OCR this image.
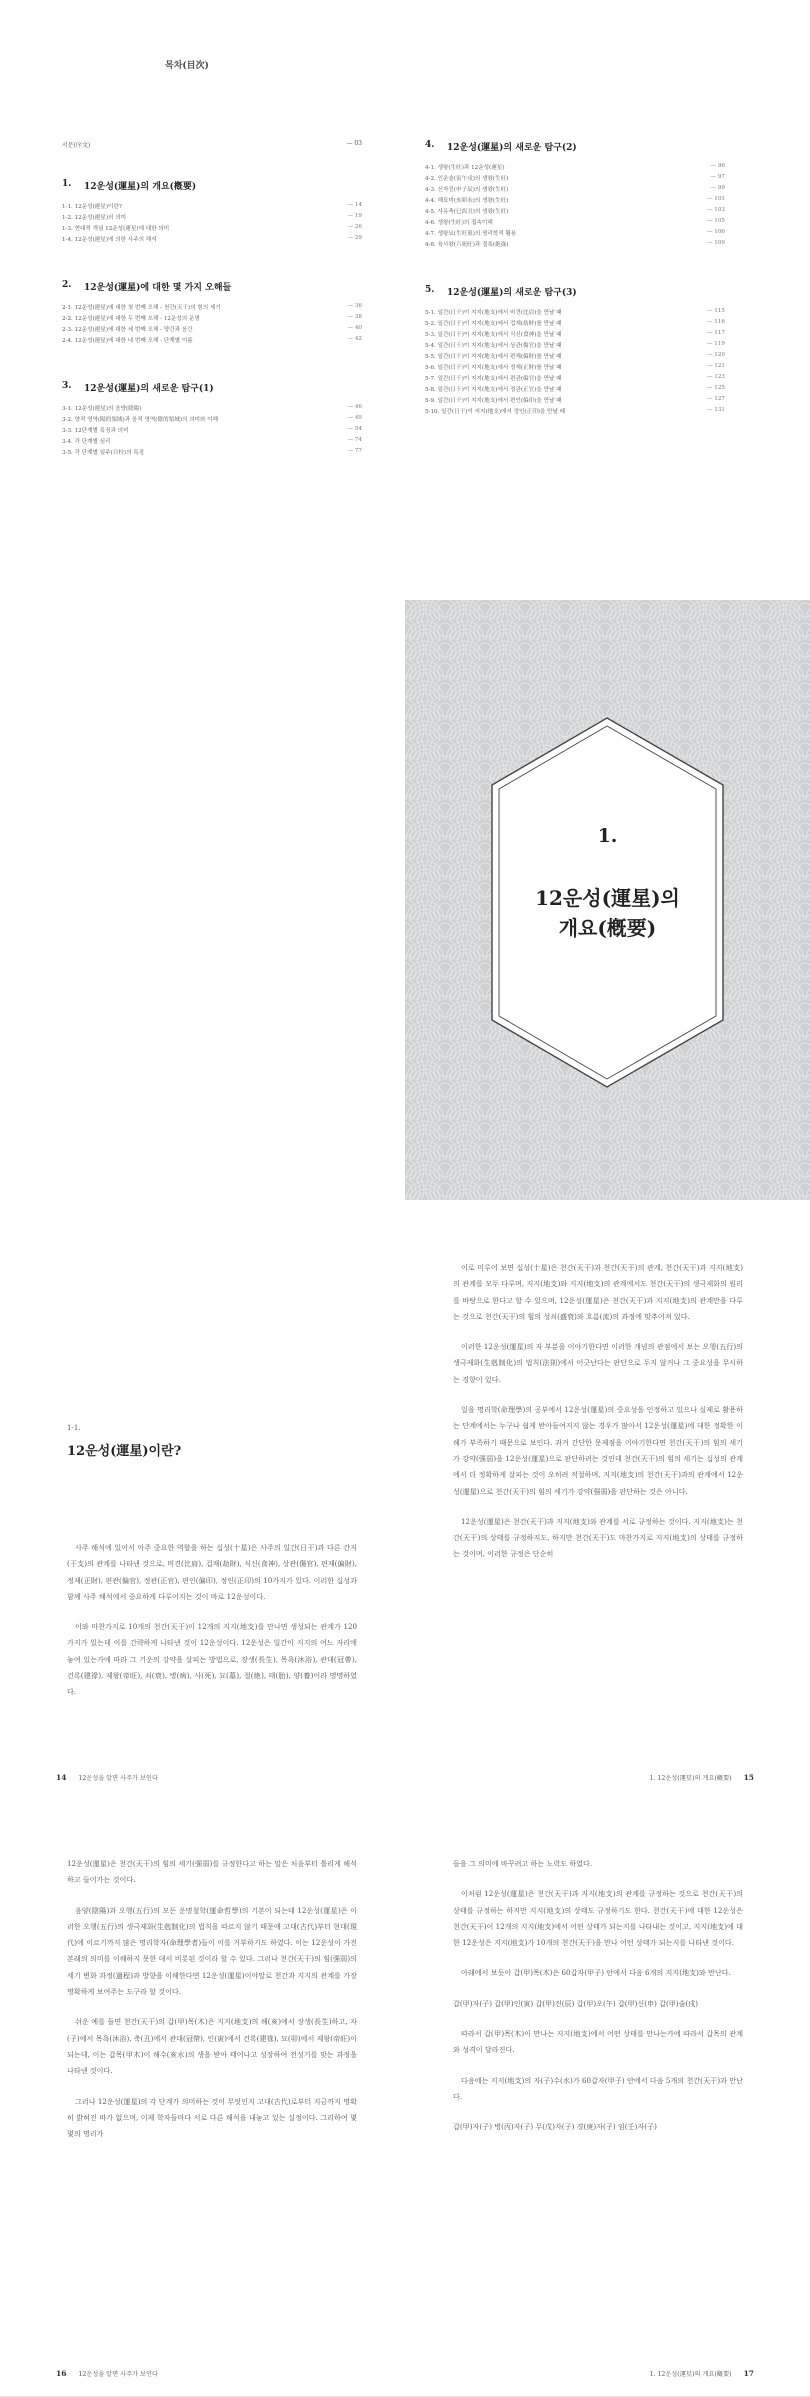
목차(目次)
서문(序文)	— 03
1. 12운성(運星)의 개요(槪要)
1-1. 12운성(運星)이란?	— 14
1-2. 12운성(運星)의 의미	— 19
1-3. 현대적 개념 12운성(運星)에 대한 의미	— 26
1-4. 12운성(運星)에 의한 사주의 해석	— 29
2. 12운성(運星)에 대한 몇 가지 오해들
2-1. 12운성(運星)에 대한 첫 번째 오해 - 천간(天干)의 힘의 세기	— 36
2-2. 12운성(運星)에 대한 두 번째 오해 - 12운성의 운명	— 38
2-3. 12운성(運星)에 대한 세 번째 오해 - 양간과 음간	— 40
2-4. 12운성(運星)에 대한 네 번째 오해 - 단계별 이름	— 42
3. 12운성(運星)의 새로운 탐구(1)
3-1. 12운성(運星)의 음양(陰陽)	— 46
3-2. 양적 영역(陽的領域)과 음적 영역(陰的領域)의 의미와 이해	— 49
3-3. 12단계별 특징과 의미	— 54
3-4. 각 단계별 심리	— 74
3-5. 각 단계별 일주(日柱)의 특징	— 77
4. 12운성(運星)의 새로운 탐구(2)
4-1. 생왕(生旺)과 12운성(運星)	— 96
4-2. 인운술(寅午戌)의 생왕(生旺)	— 97
4-3. 신자진(申子辰)의 생왕(生旺)	— 99
4-4. 해묘미(亥卯未)의 생왕(生旺)	— 101
4-5. 사유축(巳酉丑)의 생왕(生旺)	— 103
4-6. 생왕(生旺)의 접속이해	— 105
4-7. 생왕묘(生旺墓)의 명리학적 활용	— 106
4-8. 육사왕(六死旺)과 절록(絶祿)	— 109
5. 12운성(運星)의 새로운 탐구(3)
5-1. 일간(日干)이 지지(地支)에서 비견(比肩)을 만날 때	— 115
5-2. 일간(日干)이 지지(地支)에서 겁재(劫財)를 만날 때	— 116
5-3. 일간(日干)이 지지(地支)에서 식신(食神)을 만날 때	— 117
5-4. 일간(日干)이 지지(地支)에서 상관(傷官)을 만날 때	— 119
5-5. 일간(日干)이 지지(地支)에서 편재(偏財)를 만날 때	— 120
5-6. 일간(日干)이 지지(地支)에서 정재(正財)를 만날 때	— 121
5-7. 일간(日干)이 지지(地支)에서 편관(偏官)을 만날 때	— 123
5-8. 일간(日干)이 지지(地支)에서 정관(正官)을 만날 때	— 125
5-9. 일간(日干)이 지지(地支)에서 편인(偏印)을 만날 때	— 127
5-10. 일간(日干)이 지지(地支)에서 정인(正印)을 만날 때	— 131
1.
12운성(運星)의
개요(槪要)
1-1.
12운성(運星)이란?

사주 해석에 있어서 아주 중요한 역할을 하는 십성(十星)은 사주의 일간(日干)과 다른 간지(干支)의 관계를 나타낸 것으로, 비견(比肩), 겁재(劫財), 식신(食神), 상관(傷官), 편재(偏財), 정재(正財), 편관(偏官), 정관(正官), 편인(偏印), 정인(正印)의 10가지가 있다. 이러한 십성과 함께 사주 해석에서 중요하게 다루어지는 것이 바로 12운성이다.

이와 마찬가지로 10개의 천간(天干)이 12개의 지지(地支)를 만나면 생성되는 관계가 120가지가 있는데 이를 간략하게 나타낸 것이 12운성이다. 12운성은 일간이 지지의 어느 자리에 놓여 있는가에 따라 그 기운의 강약을 살피는 방법으로, 장생(長生), 목욕(沐浴), 관대(冠帶), 건록(建祿), 제왕(帝旺), 쇠(衰), 병(病), 사(死), 묘(墓), 절(絶), 태(胎), 양(養)이라 명명하였다.

14 12운성을 알면 사주가 보인다

이로 미루어 보면 십성(十星)은 천간(天干)과 천간(天干)의 관계, 천간(天干)과 지지(地支)의 관계를 모두 다루며, 지지(地支)와 지지(地支)의 관계에서도 천간(天干)의 생극제화의 원리를 바탕으로 한다고 할 수 있으며, 12운성(運星)은 천간(天干)과 지지(地支)의 관계만을 다루는 것으로 천간(天干)의 힘의 성쇠(盛衰)와 흐름(流)의 과정에 맞추어져 있다.

이러한 12운성(運星)의 자 부분을 이야기한다면 이러한 개념의 관점에서 보는 오행(五行)의 생극제화(生剋制化)의 법칙(法則)에서 어긋난다는 판단으로 두지 않거나 그 중요성을 무시하는 경향이 있다.

일을 명리학(命理學)의 공부에서 12운성(運星)의 중요성을 인정하고 있으나 실제로 활용하는 단계에서는 누구나 쉽게 받아들여지지 않는 경우가 많아서 12운성(運星)에 대한 정확한 이해가 부족하기 때문으로 보인다. 과거 간단한 문제점을 이야기한다면 천간(天干)의 힘의 세기가 강약(强弱)을 12운성(運星)으로 판단하려는 것인데 천간(天干)의 힘의 세기는 십성의 관계에서 더 정확하게 살피는 것이 오히려 적절하며, 지지(地支)의 천간(天干)과의 관계에서 12운성(運星)으로 천간(天干)의 힘의 세기가 강약(强弱)을 판단하는 것은 아니다.

12운성(運星)은 천간(天干)과 지지(地支)와 관계를 서로 규정하는 것이다. 지지(地支)는 천간(天干)의 상태를 규정하지도, 하지만 천간(天干)도 마찬가지로 지지(地支)의 상태를 규정하는 것이며, 이러한 규정은 단순히

1. 12운성(運星)의 개요(槪要) 15

12운성(運星)은 천간(天干)의 힘의 세기(强弱)를 규정한다고 하는 말은 처음부터 틀리게 해석하고 들어가는 것이다.

음양(陰陽)과 오행(五行)의 모든 운명철학(運命哲學)의 기본이 되는데 12운성(運星)은 이러한 오행(五行)의 생극제화(生剋制化)의 법칙을 따르지 않기 때문에 고대(古代)부터 현대(現代)에 이르기까지 많은 명리학자(命理學者)들이 이를 거부하기도 하였다. 이는 12운성이 가진 본래의 의미를 이해하지 못한 데서 비롯된 것이라 할 수 있다. 그러나 천간(天干)의 힘(强弱)의 세기 변화 과정(過程)과 방향을 이해한다면 12운성(運星)이야말로 천간과 지지의 관계를 가장 명확하게 보여주는 도구라 할 것이다.

쉬운 예를 들면 천간(天干)의 갑(甲)목(木)은 지지(地支)의 해(亥)에서 장생(長生)하고, 자(子)에서 목욕(沐浴), 축(丑)에서 관대(冠帶), 인(寅)에서 건록(建祿), 묘(卯)에서 제왕(帝旺)이 되는데, 이는 갑목(甲木)이 해수(亥水)의 생을 받아 태어나고 성장하여 전성기를 맞는 과정을 나타낸 것이다.

그러나 12운성(運星)의 각 단계가 의미하는 것이 무엇인지 고대(古代)로부터 지금까지 명확히 밝혀진 바가 없으며, 이제 학자들마다 서로 다른 해석을 내놓고 있는 실정이다. 그리하여 몇몇의 명리가

16 12운성을 알면 사주가 보인다

들을 그 의미에 바꾸려고 하는 노력도 하였다.

이처럼 12운성(運星)은 천간(天干)과 지지(地支)의 관계를 규정하는 것으로 천간(天干)의 상태를 규정하는 하지만 지지(地支)의 상태도 규정하기도 한다. 천간(天干)에 대한 12운성은 천간(天干)이 12개의 지지(地支)에서 어떤 상태가 되는지를 나타내는 것이고, 지지(地支)에 대한 12운성은 지지(地支)가 10개의 천간(天干)을 만나 어떤 상태가 되는지를 나타낸 것이다.

아래에서 보듯이 갑(甲)목(木)은 60갑자(甲子) 안에서 다음 6개의 지지(地支)와 만난다.

갑(甲)자(子) 갑(甲)인(寅) 갑(甲)진(辰) 갑(甲)오(午) 갑(甲)신(申) 갑(甲)술(戌)

따라서 갑(甲)목(木)이 만나는 지지(地支)에서 어떤 상태를 만나는가에 따라서 갑목의 관계와 성격이 달라진다.

다음에는 지지(地支)의 자(子)수(水)가 60갑자(甲子) 안에서 다음 5개의 천간(天干)과 만난다.

갑(甲)자(子) 병(丙)자(子) 무(戊)자(子) 경(庚)자(子) 임(壬)자(子)

1. 12운성(運星)의 개요(槪要) 17
